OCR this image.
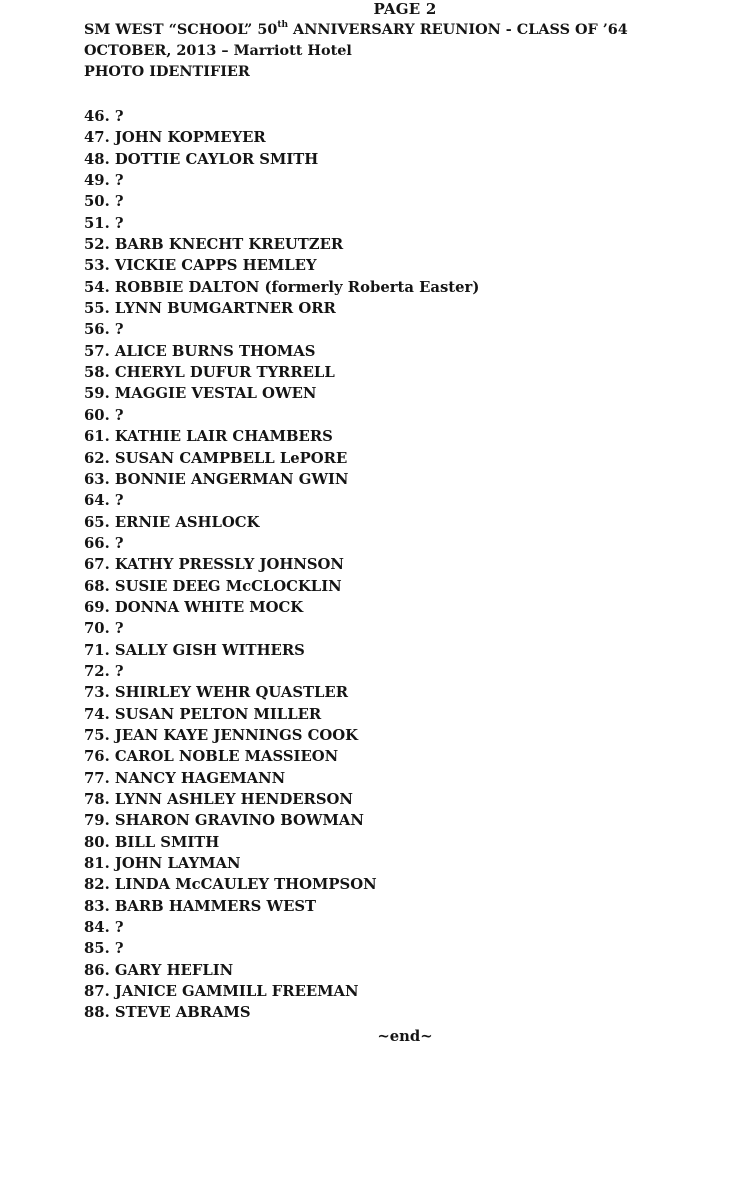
PAGE 2
SM WEST “SCHOOL” 50th ANNIVERSARY REUNION - CLASS OF ’64
OCTOBER, 2013 – Marriott Hotel
PHOTO IDENTIFIER
46. ?
47. JOHN KOPMEYER
48. DOTTIE CAYLOR SMITH
49. ?
50. ?
51. ?
52. BARB KNECHT KREUTZER
53. VICKIE CAPPS HEMLEY
54. ROBBIE DALTON (formerly Roberta Easter)
55. LYNN BUMGARTNER ORR
56. ?
57. ALICE BURNS THOMAS
58. CHERYL DUFUR TYRRELL
59. MAGGIE VESTAL OWEN
60. ?
61. KATHIE LAIR CHAMBERS
62. SUSAN CAMPBELL LePORE
63. BONNIE ANGERMAN GWIN
64. ?
65. ERNIE ASHLOCK
66. ?
67. KATHY PRESSLY JOHNSON
68. SUSIE DEEG McCLOCKLIN
69. DONNA WHITE MOCK
70. ?
71. SALLY GISH WITHERS
72. ?
73. SHIRLEY WEHR QUASTLER
74. SUSAN PELTON MILLER
75. JEAN KAYE JENNINGS COOK
76. CAROL NOBLE MASSIEON
77. NANCY HAGEMANN
78. LYNN ASHLEY HENDERSON
79. SHARON GRAVINO BOWMAN
80. BILL SMITH
81. JOHN LAYMAN
82. LINDA McCAULEY THOMPSON
83. BARB HAMMERS WEST
84. ?
85. ?
86. GARY HEFLIN
87. JANICE GAMMILL FREEMAN
88. STEVE ABRAMS
~end~
